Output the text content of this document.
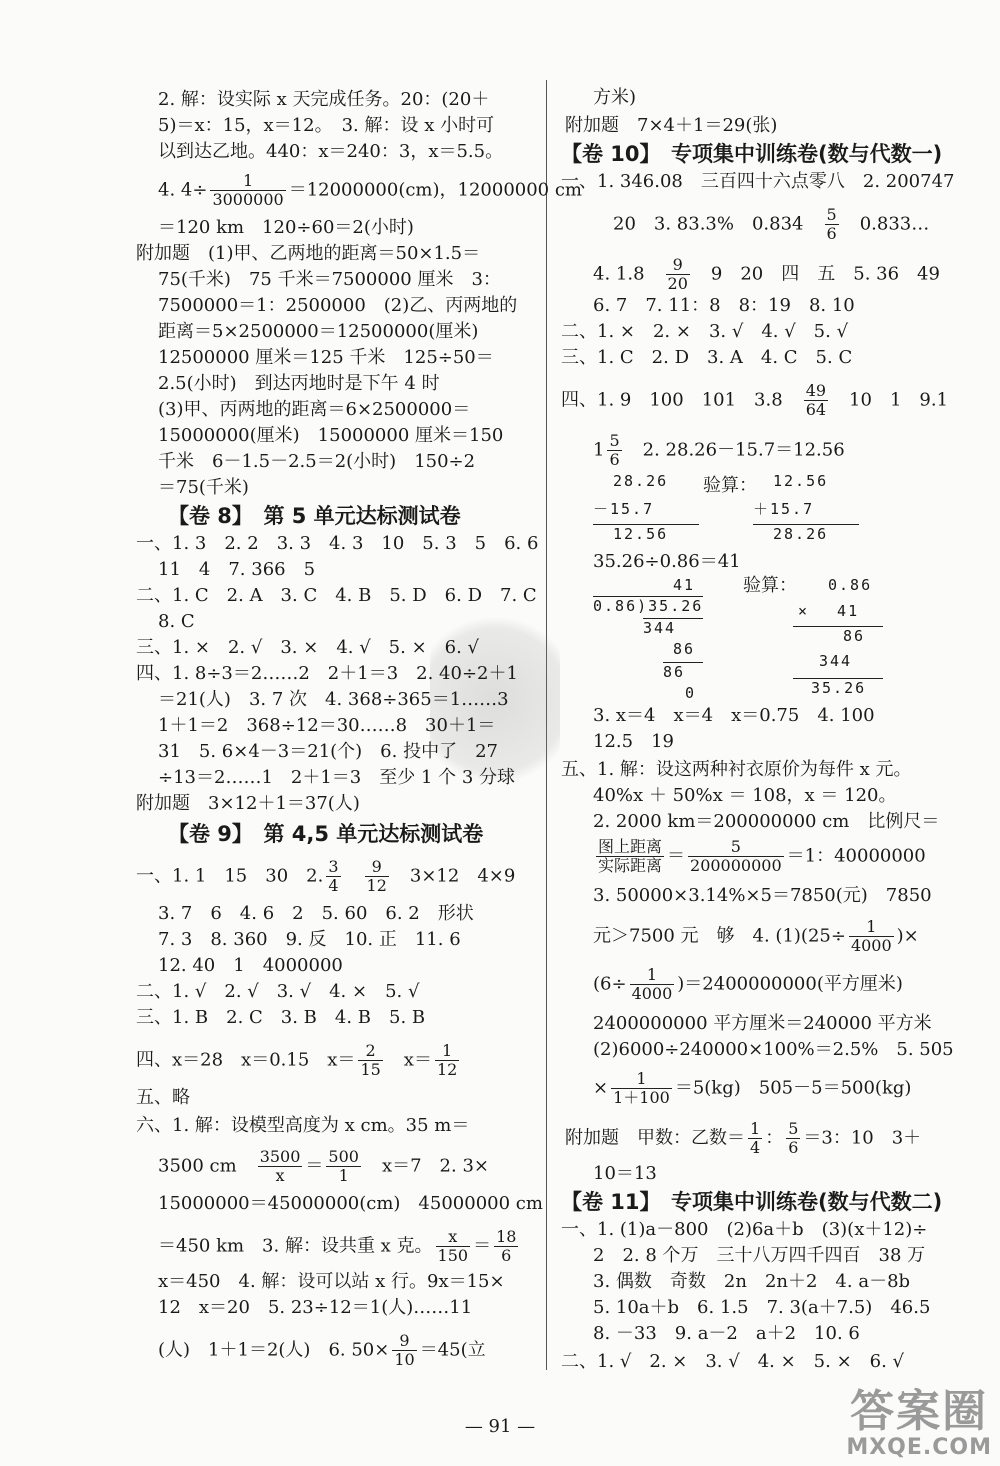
2. 解：设实际 x 天完成任务。20：(20＋
5)＝x：15，x＝12。　3. 解：设 x 小时可
以到达乙地。440：x＝240：3，x＝5.5。
4. $4\div \frac{1}{3000000} =12000000(cm)$，12000000 cm
＝120 km　120÷60＝2(小时)
附加题　(1)甲、乙两地的距离＝50×1.5＝
75(千米)　75 千米＝7500000 厘米　3：
7500000＝1：2500000　(2)乙、丙两地的
距离＝5×2500000＝12500000(厘米)
12500000 厘米＝125 千米　125÷50＝
2.5(小时)　到达丙地时是下午 4 时
(3)甲、丙两地的距离＝6×2500000＝
15000000(厘米)　15000000 厘米＝150
千米　6－1.5－2.5＝2(小时)　150÷2
＝75(千米)
【卷 8】　 第 5 单元达标测试卷
一、1. 3　2. 2　3. 3　4. 3　10　5. 3　5　6. 6
11　4　7. 366　5
二、1. C　2. A　3. C　4. B　5. D　6. D　7. C
8. C
三、1. ×　2. √　3. ×　4. √　5. ×　6. √
四、1. 8÷3＝2……2　2＋1＝3　2. 40÷2＋1
＝21(人)　3. 7 次　4. 368÷365＝1……3
1＋1＝2　368÷12＝30……8　30＋1＝
31　5. 6×4－3＝21(个)　6. 投中了　27
÷13＝2……1　2＋1＝3　至少 1 个 3 分球
附加题　3×12＋1＝37(人)
【卷 9】　 第 4,5 单元达标测试卷
一、1. 1　15　30　2. $\frac{3}{4}$
　 $\frac{9}{12}$
　 3×12　4×9
3. 7　6　4. 6　2　5. 60　6. 2　形状
7. 3　8. 360　9. 反　10. 正　11. 6
12. 40　1　4000000
二、1. √　2. √　3. √　4. ×　5. √
三、1. B　2. C　3. B　4. B　5. B
四、x＝28　x＝0.15　$x= \frac{2}{15}$
　 $x= \frac{1}{12}$
五、略
六、1. 解：设模型高度为 x cm。35 m＝
3500 cm　 $\frac{3500}{x} = \frac{500}{1}$
　 x＝7　2. 3×
15000000＝45000000(cm)　45000000 cm
＝450 km　3. 解：设共重 x 克。 $\frac{x}{150} = \frac{18}{6}$
x＝450　4. 解：设可以站 x 行。9x＝15×
12　x＝20　5. 23÷12＝1(人)……11
(人)　1＋1＝2(人)　6. $50\times \frac{9}{10} =45$(立
方米)
附加题　7×4＋1＝29(张)
【卷 10】　 专项集中训练卷(数与代数一)
一、1. 346.08　三百四十六点零八　2. 200747
20　3. 83.3%　0.834　 $\frac{5}{6}$
　 0.833…
4. 1.8　 $\frac{9}{20}$
　 9　20　四　五　5. 36　49
6. 7　7. 11：8　8：19　8. 10
二、1. ×　2. ×　3. √　4. √　5. √
三、1. C　2. D　3. A　4. C　5. C
四、1. 9　100　101　3.8　 $\frac{49}{64}$
　 10　1　9.1
$1 \frac{5}{6}$
　 2. 28.26－15.7＝12.56
28.26
－15.7
12.56
验算： 12.56
＋15.7
28.26
35.26÷0.86＝41
41
0.86)35.26
344
86
86
0
验算： 0.86
×　 41
86
344
35.26
3. x＝4　x＝4　x＝0.75　4. 100
12.5　19
五、1. 解：设这两种衬衣原价为每件 x 元。
40%x ＋ 50%x ＝ 108，x ＝ 120。
2. 2000 km＝200000000 cm　比例尺＝
图上距离
实际距离 ＝ $\frac{5}{200000000} =1$：40000000
3. 50000×3.14%×5＝7850(元)　7850
元＞7500 元　够　4. $(1)(25\div \frac{1}{4000}$ )×
$(6\div \frac{1}{4000} )=2400000000$(平方厘米)
2400000000 平方厘米＝240000 平方米
(2)6000÷240000×100%＝2.5%　5. 505
× $\frac{1}{1+100} =5(kg)$　505－5＝500(kg)
附加题　甲数：乙数＝ $\frac{1}{4}$ ： $\frac{5}{6} =3$：10　3＋
10＝13
【卷 11】　 专项集中训练卷(数与代数二)
一、1. (1)a－800　(2)6a＋b　(3)(x＋12)÷
2　2. 8 个万　三十八万四千四百　38 万
3. 偶数　奇数　2n　2n＋2　4. a－8b
5. 10a＋b　6. 1.5　7. 3(a＋7.5)　46.5
8. －33　9. a－2　a＋2　10. 6
二、1. √　2. ×　3. √　4. ×　5. ×　6. √
— 91 —	答案圈
MXQE.COM
